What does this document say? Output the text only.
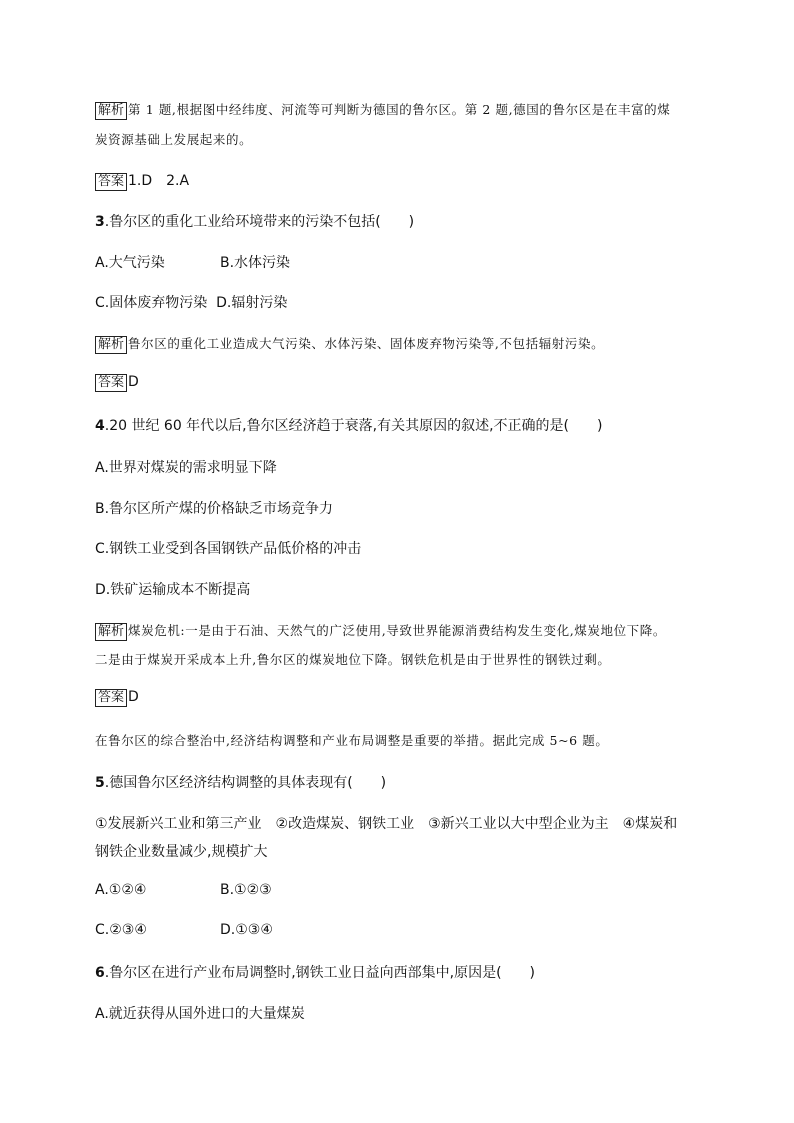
解析 第 1 题,根据图中经纬度、河流等可判断为德国的鲁尔区。第 2 题,德国的鲁尔区是在丰富的煤
炭资源基础上发展起来的。
答案 1.D　2.A
3.鲁尔区的重化工业给环境带来的污染不包括(　　)
A.大气污染	B.水体污染
C.固体废弃物污染 D.辐射污染
解析 鲁尔区的重化工业造成大气污染、水体污染、固体废弃物污染等,不包括辐射污染。
答案 D
4.20 世纪 60 年代以后,鲁尔区经济趋于衰落,有关其原因的叙述,不正确的是(　　)
A.世界对煤炭的需求明显下降
B.鲁尔区所产煤的价格缺乏市场竞争力
C.钢铁工业受到各国钢铁产品低价格的冲击
D.铁矿运输成本不断提高
解析 煤炭危机:一是由于石油、天然气的广泛使用,导致世界能源消费结构发生变化,煤炭地位下降。
二是由于煤炭开采成本上升,鲁尔区的煤炭地位下降。钢铁危机是由于世界性的钢铁过剩。
答案 D
在鲁尔区的综合整治中,经济结构调整和产业布局调整是重要的举措。据此完成 5~6 题。
5.德国鲁尔区经济结构调整的具体表现有(　　)
①发展新兴工业和第三产业　②改造煤炭、钢铁工业　③新兴工业以大中型企业为主　④煤炭和
钢铁企业数量减少,规模扩大
A.①②④	B.①②③
C.②③④	D.①③④
6.鲁尔区在进行产业布局调整时,钢铁工业日益向西部集中,原因是(　　)
A.就近获得从国外进口的大量煤炭
